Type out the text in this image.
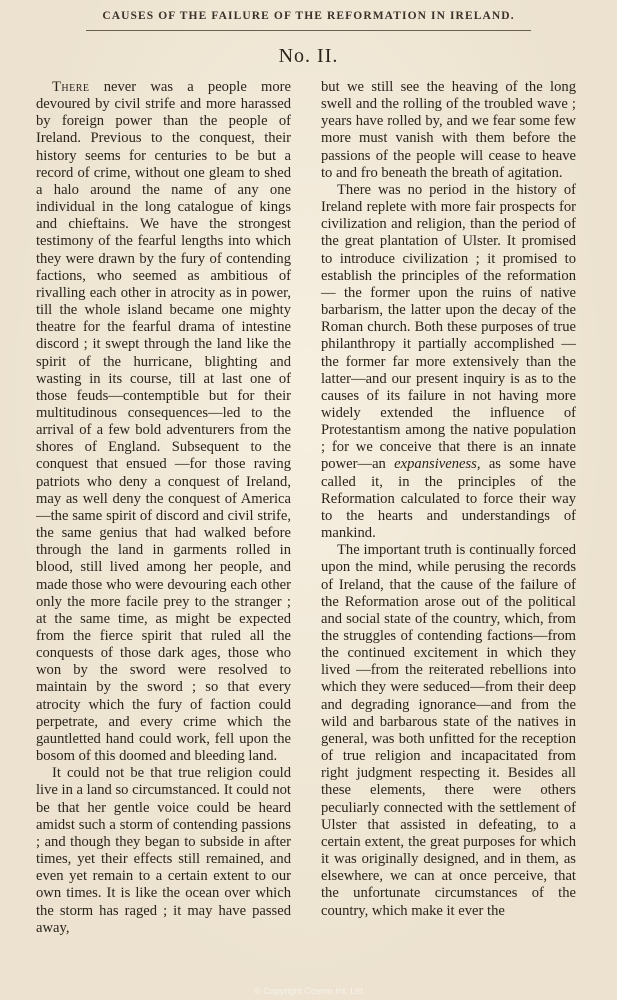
CAUSES OF THE FAILURE OF THE REFORMATION IN IRELAND.
No. II.

There never was a people more devoured by civil strife and more harassed by foreign power than the people of Ireland. Previous to the conquest, their history seems for centuries to be but a record of crime, without one gleam to shed a halo around the name of any one individual in the long catalogue of kings and chieftains. We have the strongest testimony of the fearful lengths into which they were drawn by the fury of contending factions, who seemed as ambitious of rivalling each other in atrocity as in power, till the whole island became one mighty theatre for the fearful drama of intestine discord ; it swept through the land like the spirit of the hurricane, blighting and wasting in its course, till at last one of those feuds—contemptible but for their multitudinous consequences—led to the arrival of a few bold adventurers from the shores of England. Subsequent to the conquest that ensued —for those raving patriots who deny a conquest of Ireland, may as well deny the conquest of America—the same spirit of discord and civil strife, the same genius that had walked before through the land in garments rolled in blood, still lived among her people, and made those who were devouring each other only the more facile prey to the stranger ; at the same time, as might be expected from the fierce spirit that ruled all the conquests of those dark ages, those who won by the sword were resolved to maintain by the sword ; so that every atrocity which the fury of faction could perpetrate, and every crime which the gauntletted hand could work, fell upon the bosom of this doomed and bleeding land.

It could not be that true religion could live in a land so circumstanced. It could not be that her gentle voice could be heard amidst such a storm of contending passions ; and though they began to subside in after times, yet their effects still remained, and even yet remain to a certain extent to our own times. It is like the ocean over which the storm has raged ; it may have passed away,

but we still see the heaving of the long swell and the rolling of the troubled wave ; years have rolled by, and we fear some few more must vanish with them before the passions of the people will cease to heave to and fro beneath the breath of agitation.

There was no period in the history of Ireland replete with more fair prospects for civilization and religion, than the period of the great plantation of Ulster. It promised to introduce civilization ; it promised to establish the principles of the reformation — the former upon the ruins of native barbarism, the latter upon the decay of the Roman church. Both these purposes of true philanthropy it partially accomplished — the former far more extensively than the latter—and our present inquiry is as to the causes of its failure in not having more widely extended the influence of Protestantism among the native population ; for we conceive that there is an innate power—an expansiveness, as some have called it, in the principles of the Reformation calculated to force their way to the hearts and understandings of mankind.

The important truth is continually forced upon the mind, while perusing the records of Ireland, that the cause of the failure of the Reformation arose out of the political and social state of the country, which, from the struggles of contending factions—from the continued excitement in which they lived —from the reiterated rebellions into which they were seduced—from their deep and degrading ignorance—and from the wild and barbarous state of the natives in general, was both unfitted for the reception of true religion and incapacitated from right judgment respecting it. Besides all these elements, there were others peculiarly connected with the settlement of Ulster that assisted in defeating, to a certain extent, the great purposes for which it was originally designed, and in them, as elsewhere, we can at once perceive, that the unfortunate circumstances of the country, which make it ever the

© Copyright Cosmo Int. Ltd
